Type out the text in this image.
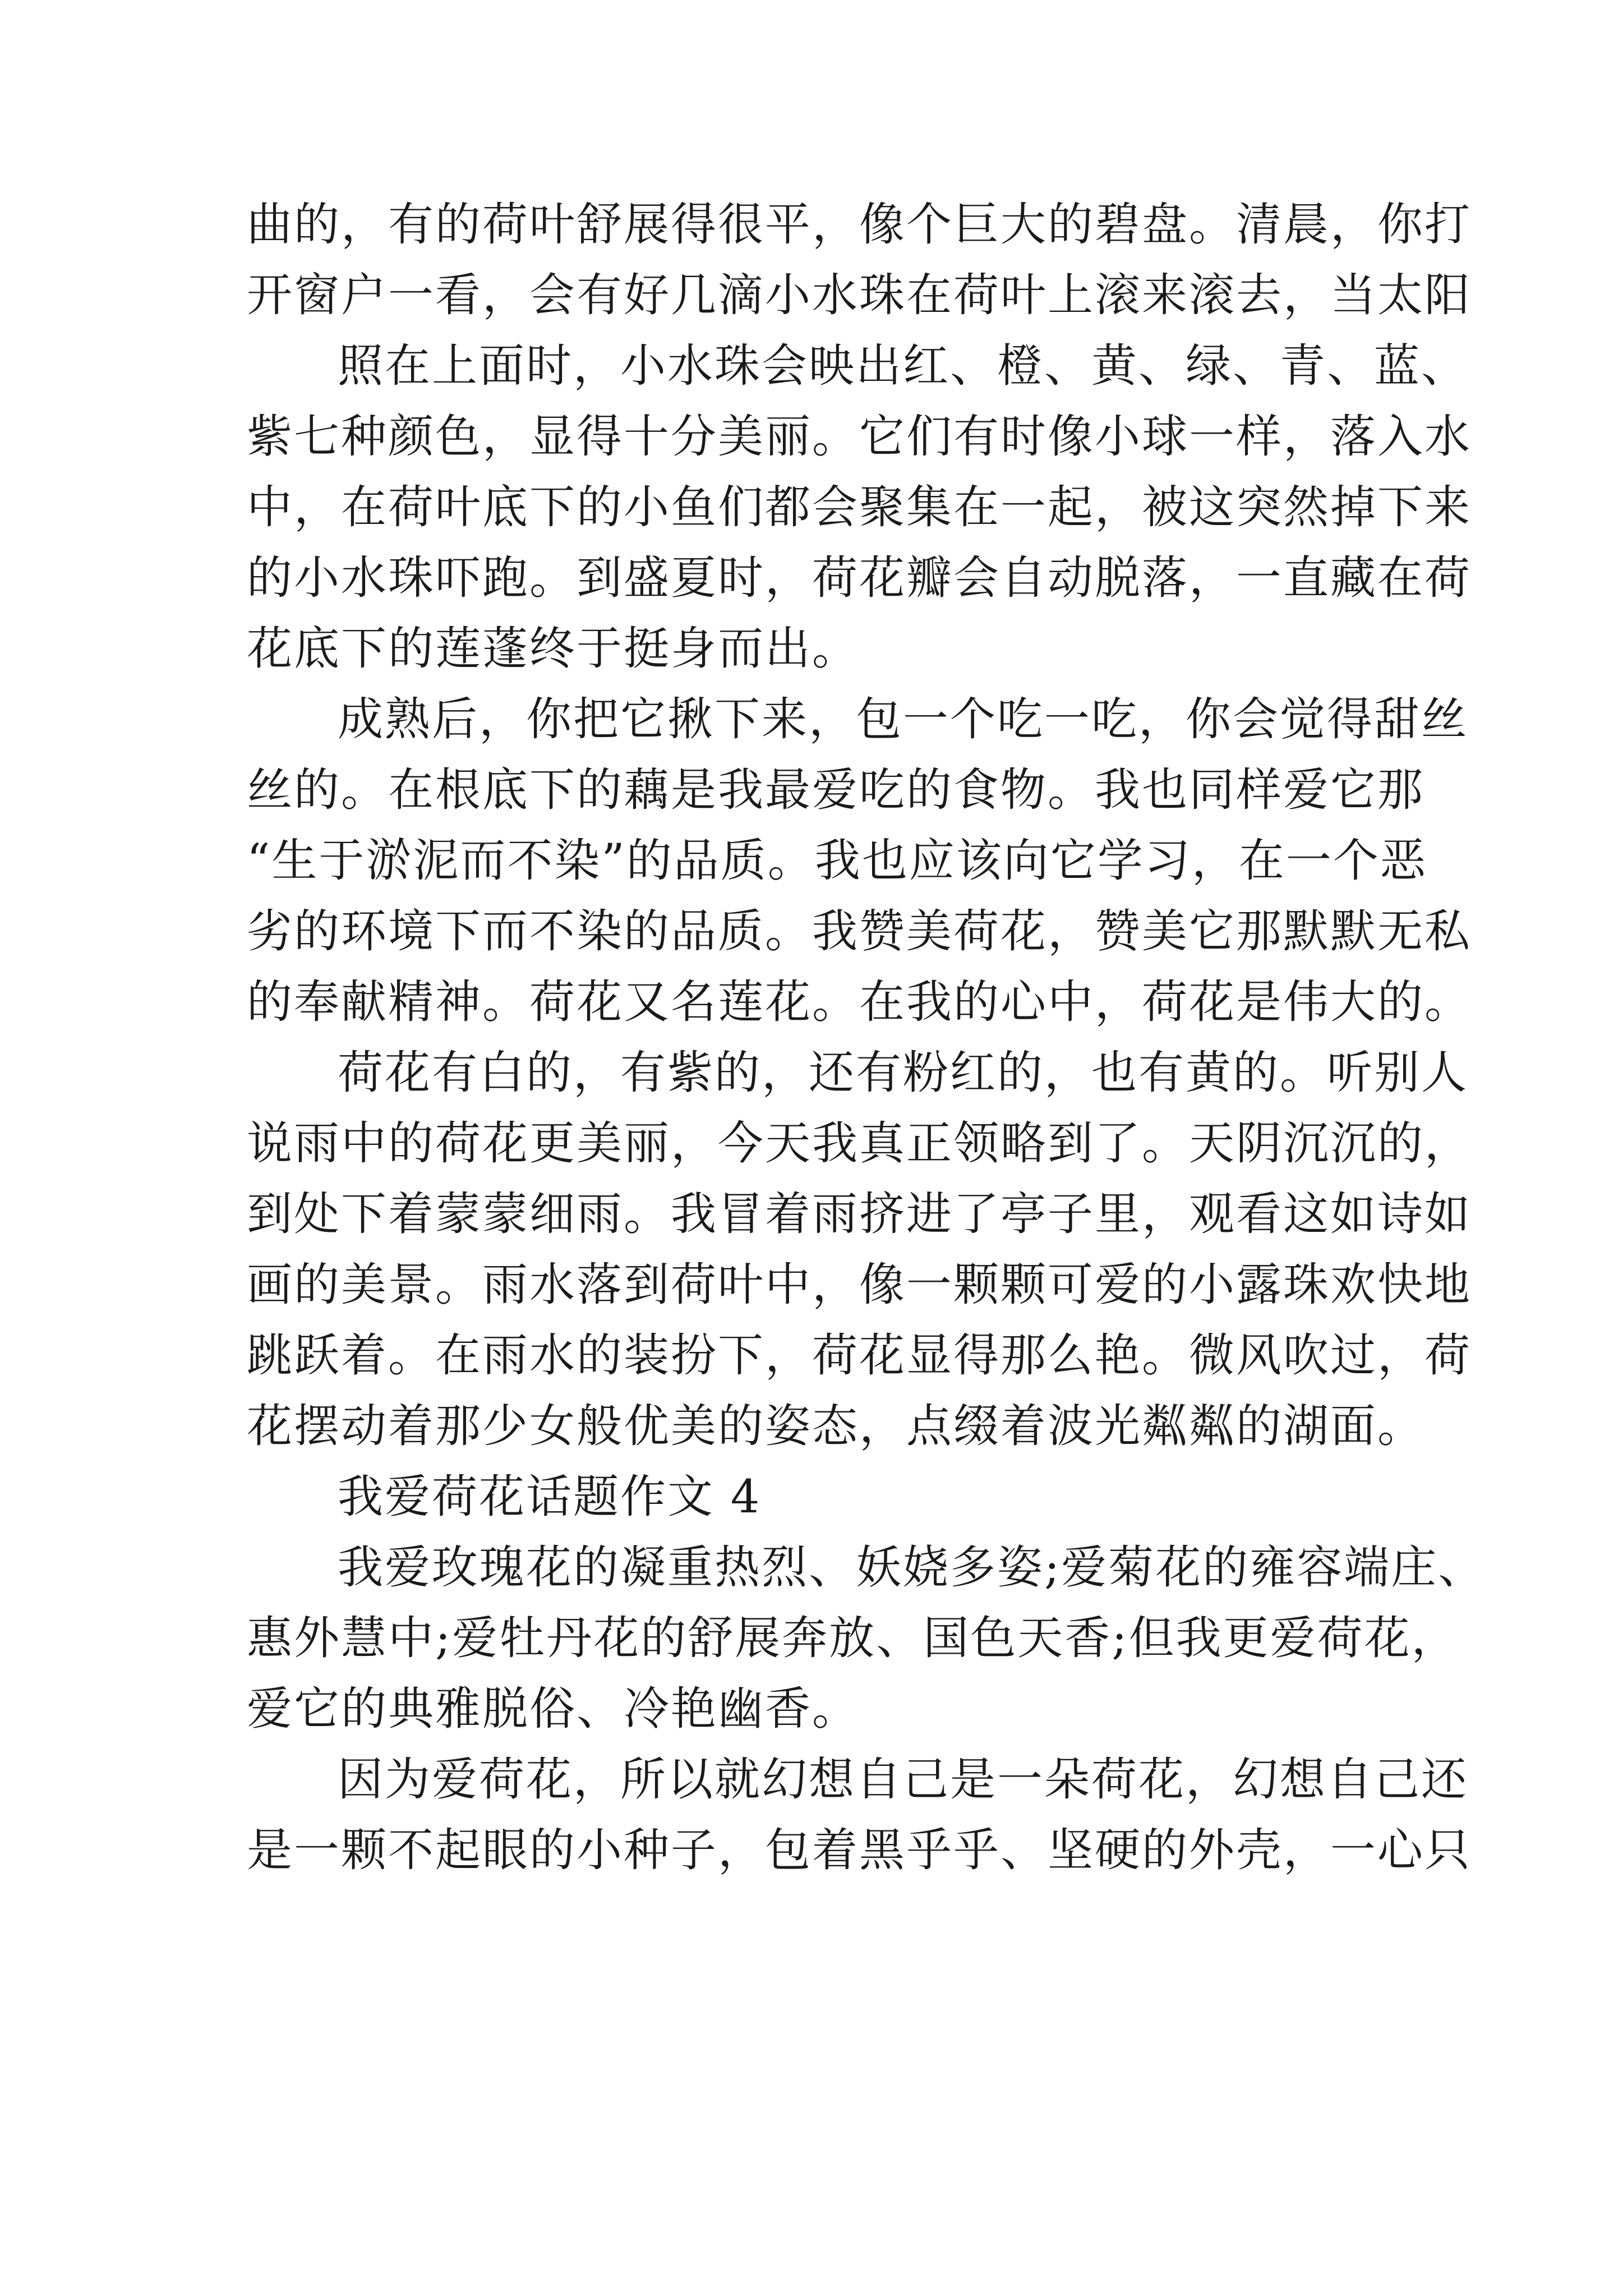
曲的，有的荷叶舒展得很平，像个巨大的碧盘。清晨，你打
开窗户一看，会有好几滴小水珠在荷叶上滚来滚去，当太阳
照在上面时，小水珠会映出红、橙、黄、绿、青、蓝、
紫七种颜色，显得十分美丽。它们有时像小球一样，落入水
中，在荷叶底下的小鱼们都会聚集在一起，被这突然掉下来
的小水珠吓跑。到盛夏时，荷花瓣会自动脱落，一直藏在荷
花底下的莲蓬终于挺身而出。
成熟后，你把它揪下来，包一个吃一吃，你会觉得甜丝
丝的。在根底下的藕是我最爱吃的食物。我也同样爱它那
“生于淤泥而不染”的品质。我也应该向它学习，在一个恶
劣的环境下而不染的品质。我赞美荷花，赞美它那默默无私
的奉献精神。荷花又名莲花。在我的心中，荷花是伟大的。
荷花有白的，有紫的，还有粉红的，也有黄的。听别人
说雨中的荷花更美丽，今天我真正领略到了。天阴沉沉的，
到处下着蒙蒙细雨。我冒着雨挤进了亭子里，观看这如诗如
画的美景。雨水落到荷叶中，像一颗颗可爱的小露珠欢快地
跳跃着。在雨水的装扮下，荷花显得那么艳。微风吹过，荷
花摆动着那少女般优美的姿态，点缀着波光粼粼的湖面。
我爱荷花话题作文 4
我爱玫瑰花的凝重热烈、妖娆多姿;爱菊花的雍容端庄、
惠外慧中;爱牡丹花的舒展奔放、国色天香;但我更爱荷花，
爱它的典雅脱俗、冷艳幽香。
因为爱荷花，所以就幻想自己是一朵荷花，幻想自己还
是一颗不起眼的小种子，包着黑乎乎、坚硬的外壳，一心只
